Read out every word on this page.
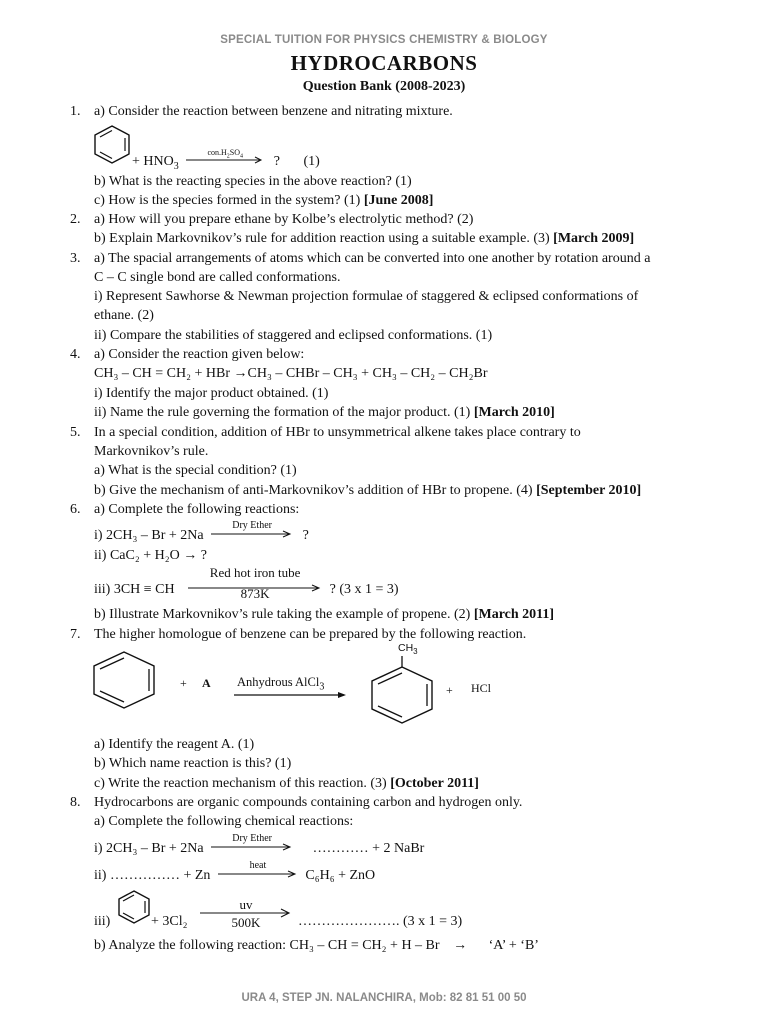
SPECIAL TUITION FOR PHYSICS CHEMISTRY & BIOLOGY
HYDROCARBONS
Question Bank (2008-2023)
1. a) Consider the reaction between benzene and nitrating mixture.
+ $HNO_3$
$con.H_2SO_4$	? (1)
b) What is the reacting species in the above reaction? (1)
c) How is the species formed in the system? (1) [June 2008]
2. a) How will you prepare ethane by Kolbe’s electrolytic method? (2)
b) Explain Markovnikov’s rule for addition reaction using a suitable example. (3) [March 2009]
3. a) The spacial arrangements of atoms which can be converted into one another by rotation around a
C – C single bond are called conformations.
i) Represent Sawhorse & Newman projection formulae of staggered & eclipsed conformations of
ethane. (2)
ii) Compare the stabilities of staggered and eclipsed conformations. (1)
4. a) Consider the reaction given below:
CH₃ – CH = CH₂ + HBr →CH₃ – CHBr – CH₃ + CH₃ – CH₂ – CH₂Br
i) Identify the major product obtained. (1)
ii) Name the rule governing the formation of the major product. (1) [March 2010]
5. In a special condition, addition of HBr to unsymmetrical alkene takes place contrary to
Markovnikov’s rule.
a) What is the special condition? (1)
b) Give the mechanism of anti-Markovnikov’s addition of HBr to propene. (4) [September 2010]
6. a) Complete the following reactions:
i) 2CH₃ – Br + 2Na
Dry Ether
?
ii) CaC₂ + H₂O → ?
iii) 3CH ≡ CH
Red hot iron tube
873K	? (3 x 1 = 3)
b) Illustrate Markovnikov’s rule taking the example of propene. (2) [March 2011]
7. The higher homologue of benzene can be prepared by the following reaction.
+ A Anhydrous AlCl$_3$
$CH_3$
+ HCl
a) Identify the reagent A. (1)
b) Which name reaction is this? (1)
c) Write the reaction mechanism of this reaction. (3) [October 2011]
8. Hydrocarbons are organic compounds containing carbon and hydrogen only.
a) Complete the following chemical reactions:
i) 2CH₃ – Br + 2Na
Dry Ether
………… + 2 NaBr
ii) …………… + Zn
heat
C₆H₆ + ZnO
iii)	+ 3Cl₂
uv
500K	…………………. (3 x 1 = 3)
b) Analyze the following reaction: CH₃ – CH = CH₂ + H – Br → ‘A’ + ‘B’
URA 4, STEP JN. NALANCHIRA, Mob: 82 81 51 00 50
